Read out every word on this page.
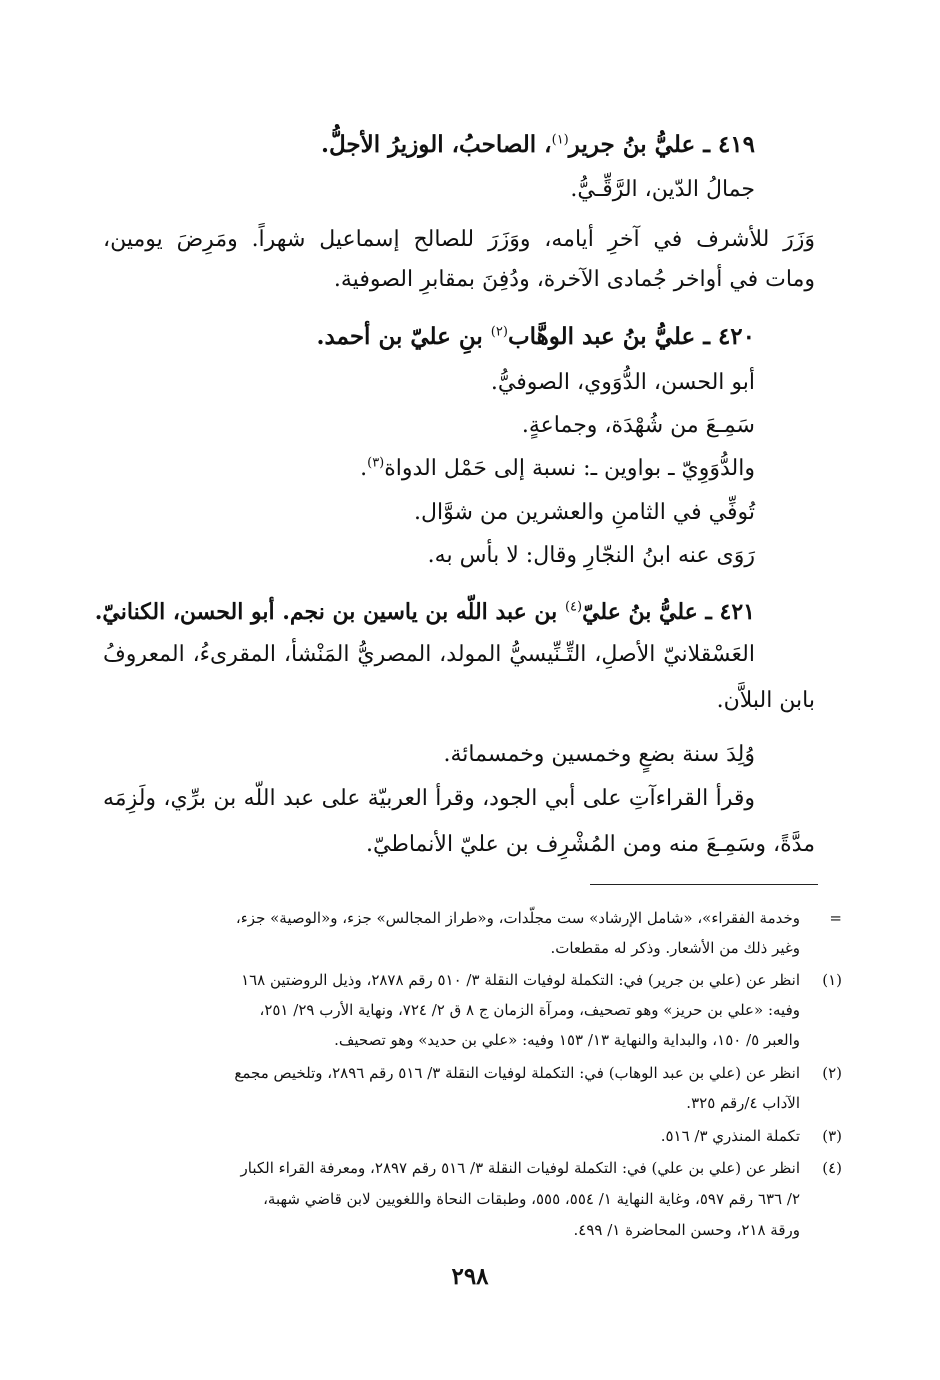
٤١٩ ـ عليُّ بنُ جرير$^{(١)}$، الصاحبُ، الوزيرُ الأجلُّ.
جمالُ الدّين، الرَّقِّـيُّ.
وَزَرَ للأشرف في آخرِ أيامه، ووَزَرَ للصالح إسماعيل شهراً. ومَرِضَ يومين،
ومات في أواخر جُمادى الآخرة، ودُفِنَ بمقابرِ الصوفية.
٤٢٠ ـ عليُّ بنُ عبد الوهَّاب$^{(٢)}$ بنِ عليّ بن أحمد.
أبو الحسن، الدُّوَوي، الصوفيُّ.
سَمِـعَ من شُهْدَة، وجماعةٍ.
والدُّوَوِيّ ـ بواوين ـ: نسبة إلى حَمْل الدواة$^{(٣)}$.
تُوفِّي في الثامنِ والعشرين من شوَّال.
رَوَى عنه ابنُ النجّارِ وقال: لا بأس به.
٤٢١ ـ عليُّ بنُ عليّ$^{(٤)}$ بن عبد اللّه بن ياسين بن نجم. أبو الحسن، الكنانيّ.
العَسْقلانيّ الأصلِ، التِّـنِّيسيُّ المولد، المصريُّ المَنْشأ، المقرىءُ، المعروفُ
بابن البلاَّن.
وُلِدَ سنة بضعٍ وخمسين وخمسمائة.
وقرأ القراءآتِ على أبي الجود، وقرأ العربيّة على عبد اللّه بن برِّي، ولَزِمَه
مدَّةً، وسَمِـعَ منه ومن المُشْرِف بن عليّ الأنماطيّ.
=
وخدمة الفقراء»، «شامل الإرشاد» ست مجلّدات، و«طراز المجالس» جزء، و«الوصية» جزء،
وغير ذلك من الأشعار. وذكر له مقطعات.
(١)
انظر عن (علي بن جرير) في: التكملة لوفيات النقلة ٣/ ٥١٠ رقم ٢٨٧٨، وذيل الروضتين ١٦٨
وفيه: «علي بن حريز» وهو تصحيف، ومرآة الزمان ج ٨ ق ٢/ ٧٢٤، ونهاية الأرب ٢٩/ ٢٥١،
والعبر ٥/ ١٥٠، والبداية والنهاية ١٣/ ١٥٣ وفيه: «علي بن حديد» وهو تصحيف.
(٢)
انظر عن (علي بن عبد الوهاب) في: التكملة لوفيات النقلة ٣/ ٥١٦ رقم ٢٨٩٦، وتلخيص مجمع
الآداب ٤/رقم ٣٢٥.
(٣)
تكملة المنذري ٣/ ٥١٦.
(٤)
انظر عن (علي بن علي) في: التكملة لوفيات النقلة ٣/ ٥١٦ رقم ٢٨٩٧، ومعرفة القراء الكبار
٢/ ٦٣٦ رقم ٥٩٧، وغاية النهاية ١/ ٥٥٤، ٥٥٥، وطبقات النحاة واللغويين لابن قاضي شهبة،
ورقة ٢١٨، وحسن المحاضرة ١/ ٤٩٩.
٢٩٨
